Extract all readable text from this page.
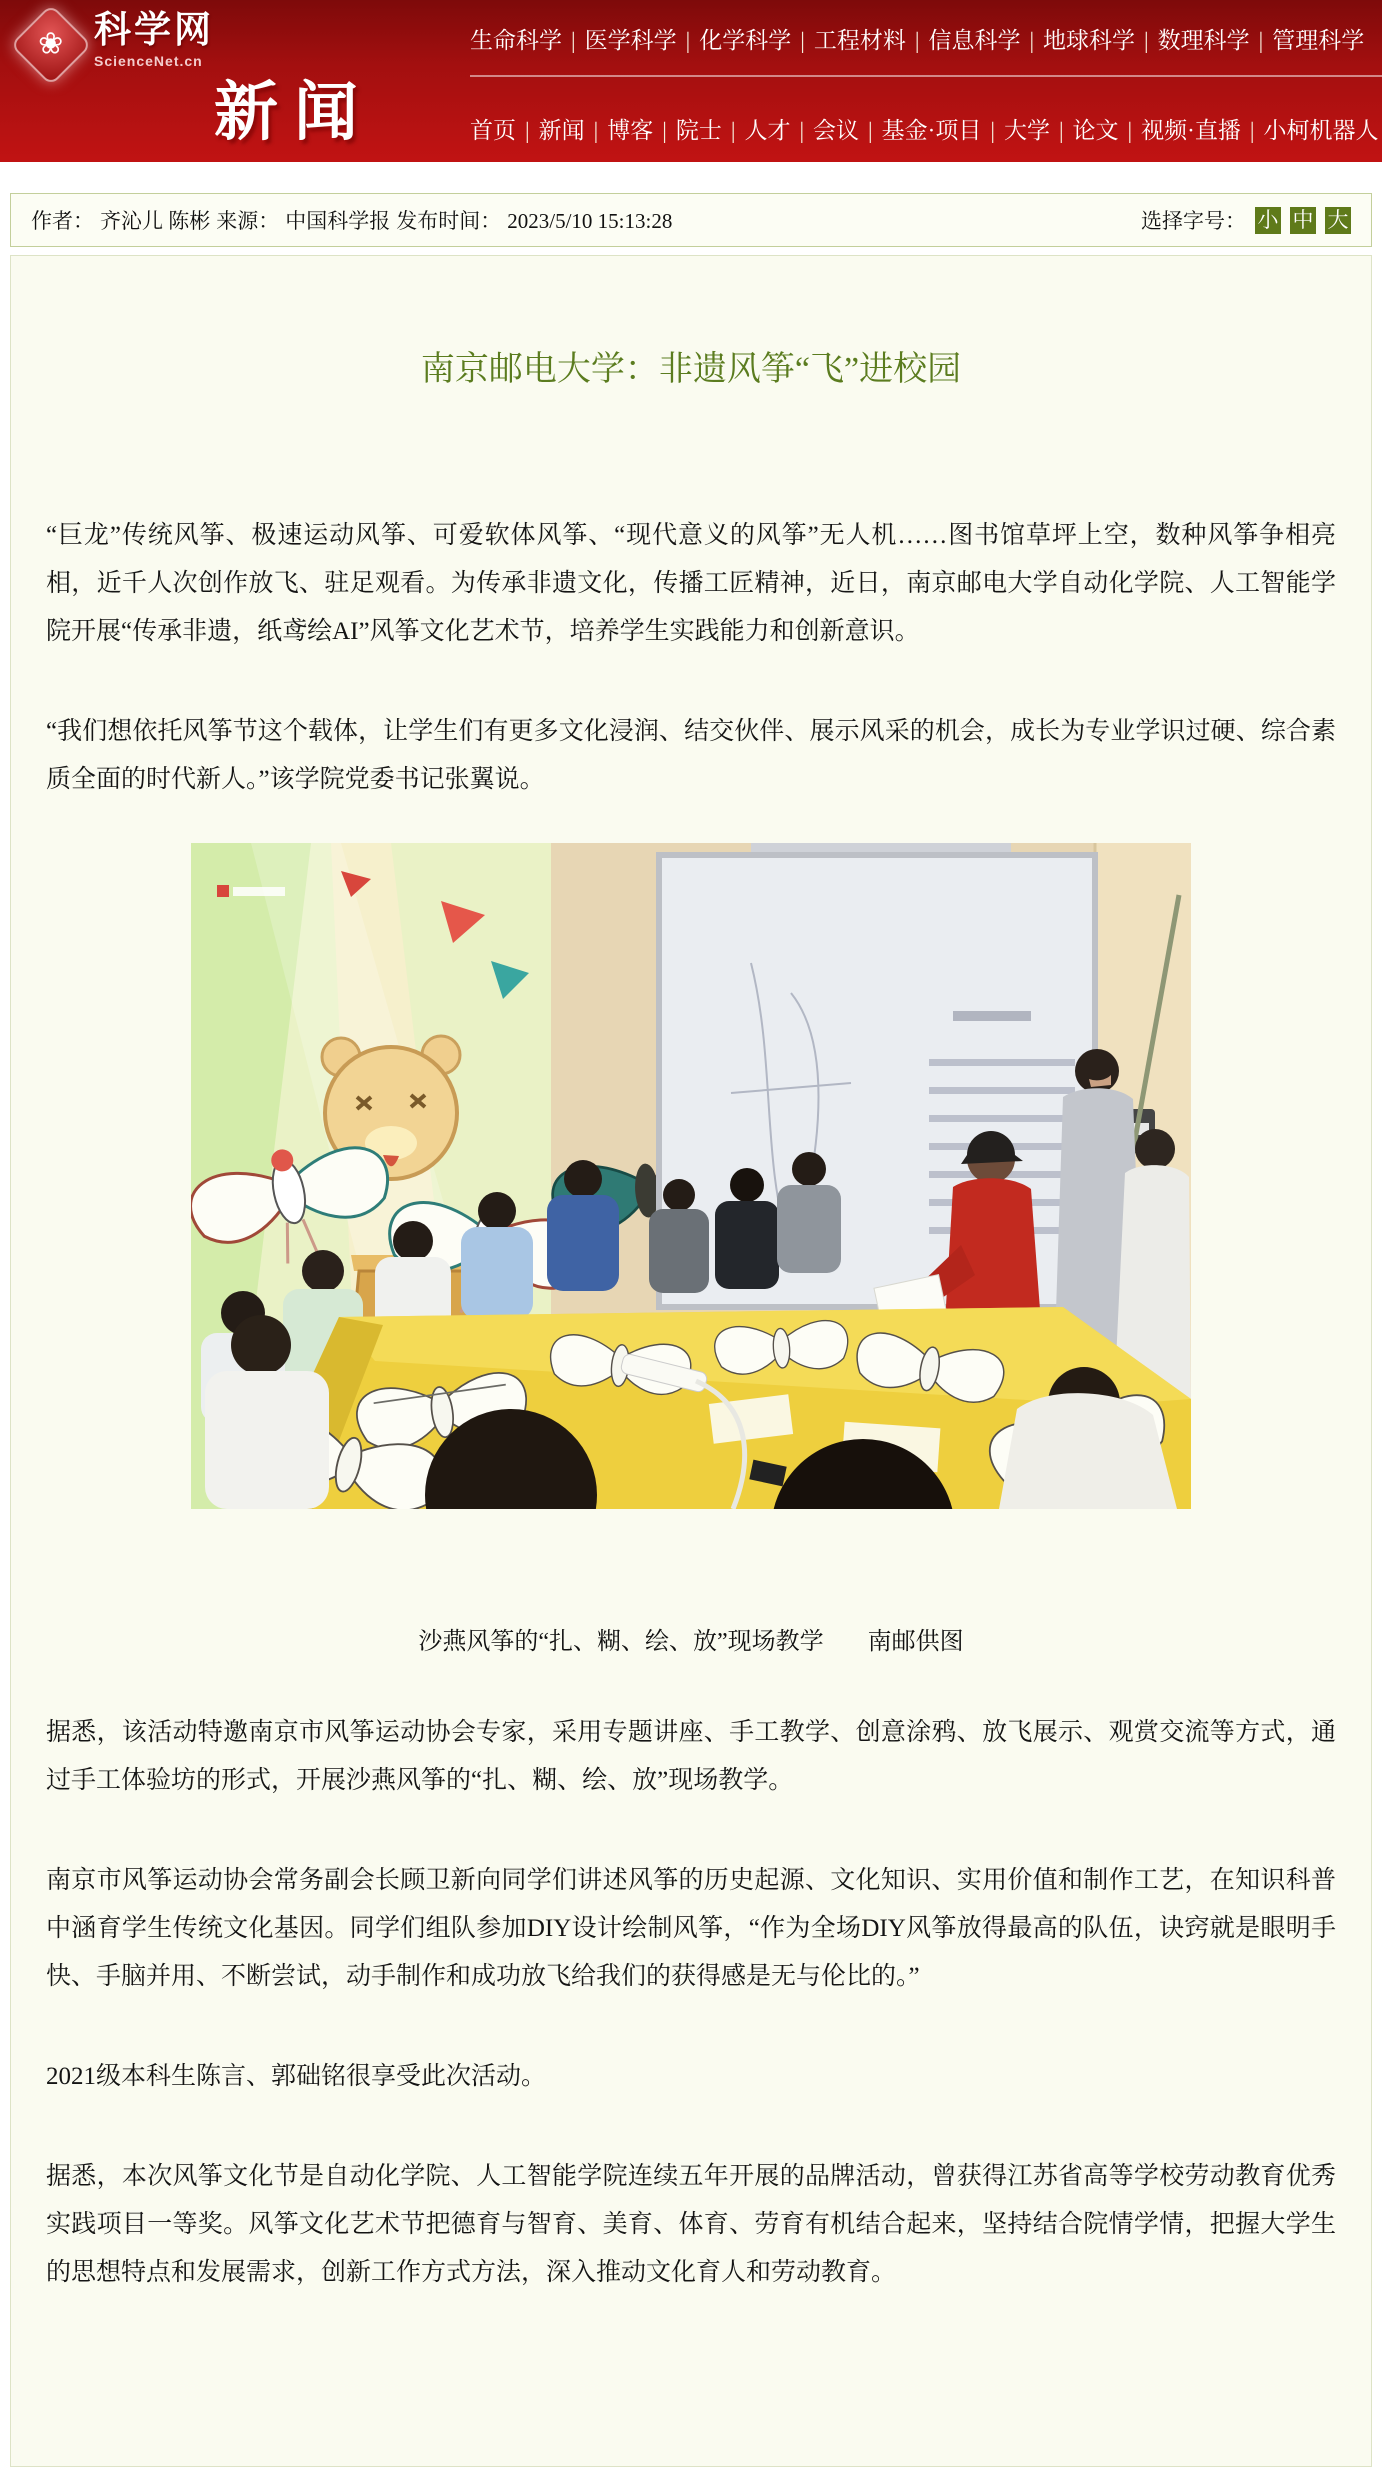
❀ 科学网
ScienceNet.cn
新闻
生命科学 | 医学科学 | 化学科学 | 工程材料 | 信息科学 | 地球科学 | 数理科学 | 管理科学
首页 | 新闻 | 博客 | 院士 | 人才 | 会议 | 基金·项目 | 大学 | 论文 | 视频·直播 | 小柯机器人
作者： 齐沁儿 陈彬 来源： 中国科学报 发布时间： 2023/5/10 15:13:28	选择字号： 小 中 大
南京邮电大学：非遗风筝“飞”进校园

“巨龙”传统风筝、极速运动风筝、可爱软体风筝、“现代意义的风筝”无人机……图书馆草坪上空，数种风筝争相亮相，近千人次创作放飞、驻足观看。为传承非遗文化，传播工匠精神，近日，南京邮电大学自动化学院、人工智能学院开展“传承非遗，纸鸢绘AI”风筝文化艺术节，培养学生实践能力和创新意识。

“我们想依托风筝节这个载体，让学生们有更多文化浸润、结交伙伴、展示风采的机会，成长为专业学识过硬、综合素质全面的时代新人。”该学院党委书记张翼说。

沙燕风筝的“扎、糊、绘、放”现场教学 南邮供图

据悉，该活动特邀南京市风筝运动协会专家，采用专题讲座、手工教学、创意涂鸦、放飞展示、观赏交流等方式，通过手工体验坊的形式，开展沙燕风筝的“扎、糊、绘、放”现场教学。

南京市风筝运动协会常务副会长顾卫新向同学们讲述风筝的历史起源、文化知识、实用价值和制作工艺，在知识科普中涵育学生传统文化基因。同学们组队参加DIY设计绘制风筝，“作为全场DIY风筝放得最高的队伍，诀窍就是眼明手快、手脑并用、不断尝试，动手制作和成功放飞给我们的获得感是无与伦比的。”

2021级本科生陈言、郭础铭很享受此次活动。

据悉，本次风筝文化节是自动化学院、人工智能学院连续五年开展的品牌活动，曾获得江苏省高等学校劳动教育优秀实践项目一等奖。风筝文化艺术节把德育与智育、美育、体育、劳育有机结合起来，坚持结合院情学情，把握大学生的思想特点和发展需求，创新工作方式方法，深入推动文化育人和劳动教育。
